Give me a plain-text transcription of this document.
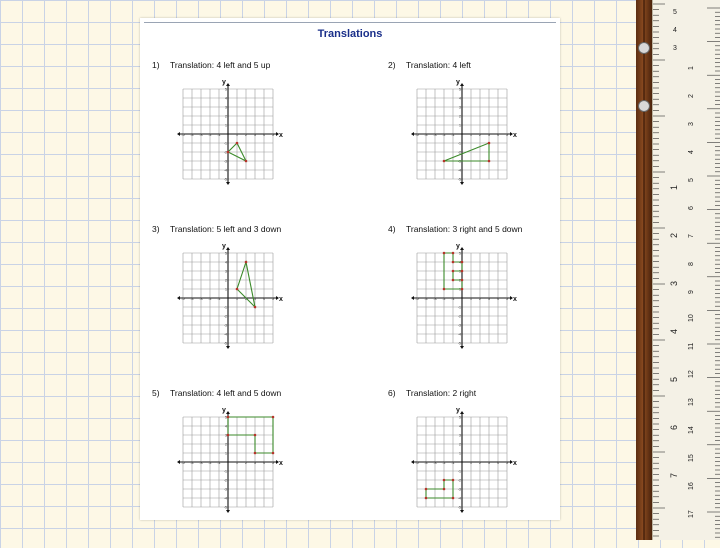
Translations
1) Translation: 4 left and 5 up
x
y
-5 -4 -3 -2 -1	1 2 3 4 5
5
4
3
2
1
-1
-2
-3
-4
-5
2) Translation: 4 left
x
y
-5 -4 -3 -2 -1	1 2 3 4 5
5
4
3
2
1
-1
-2
-3
-4
-5
3) Translation: 5 left and 3 down
x
y
-5 -4 -3 -2 -1	1 2 3 4 5
5
4
3
2
1
-1
-2
-3
-4
-5
4) Translation: 3 right and 5 down
x
y
-5 -4 -3 -2 -1	1 2 3 4 5
5
4
3
2
1
-1
-2
-3
-4
-5
5) Translation: 4 left and 5 down
x
y
-5 -4 -3 -2 -1	1 2 3 4 5
5
4
3
2
1
-1
-2
-3
-4
-5
6) Translation: 2 right
x
y
-5 -4 -3 -2 -1	1 2 3 4 5
5
4
3
2
1
-1
-2
-3
-4
-5
5
4
3
1
2
3
4
5
6
7
8
9
10
11
12
13
14
15
16
17
1
2
3
4
5
6
7
